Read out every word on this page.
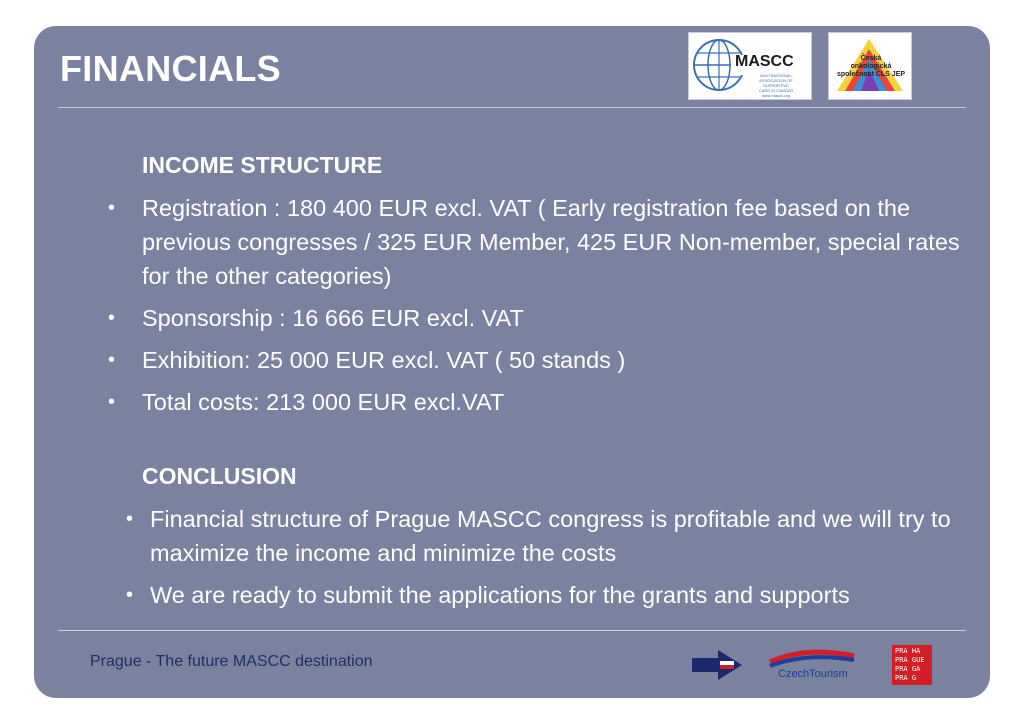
FINANCIALS	MASCC
MULTINATIONAL
ASSOCIATION OF SUPPORTIVE
CARE IN CANCER
www.mascc.org
Česká
onkologická
společnost ČLS JEP
INCOME STRUCTURE
• Registration : 180 400 EUR excl. VAT ( Early registration fee based on the previous congresses / 325 EUR Member, 425 EUR Non-member, special rates for the other categories)
• Sponsorship : 16 666 EUR excl. VAT
• Exhibition: 25 000 EUR excl. VAT ( 50 stands )
• Total costs: 213 000 EUR excl.VAT
CONCLUSION
• Financial structure of Prague MASCC congress is profitable and we will try to maximize the income and minimize the costs
• We are ready to submit the applications for the grants and supports
Prague - The future MASCC destination
CzechTourism
PRA HA
PRA GUE
PRA GA
PRA G
